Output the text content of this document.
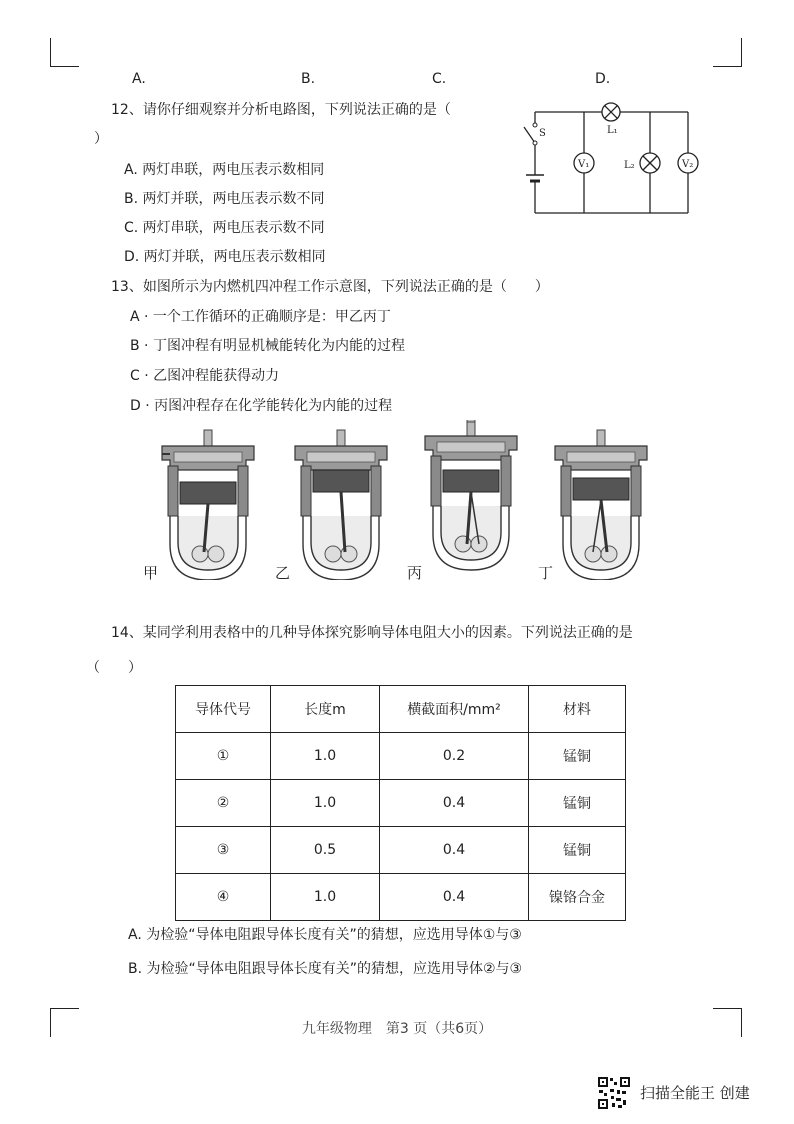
A.	B.	C.	D.
12、请你仔细观察并分析电路图，下列说法正确的是（
）
A. 两灯串联，两电压表示数相同
B. 两灯并联，两电压表示数不同
C. 两灯串联，两电压表示数不同
D. 两灯并联，两电压表示数相同
S	L₁
L₂
V₁	V₂
13、如图所示为内燃机四冲程工作示意图，下列说法正确的是（　　）
A · 一个工作循环的正确顺序是：甲乙丙丁
B · 丁图冲程有明显机械能转化为内能的过程
C · 乙图冲程能获得动力
D · 丙图冲程存在化学能转化为内能的过程
甲	乙	丙	丁
14、某同学利用表格中的几种导体探究影响导体电阻大小的因素。下列说法正确的是
（　　）
导体代号	长度m	横截面积/mm²	材料
①	1.0	0.2	锰铜
②	1.0	0.4	锰铜
③	0.5	0.4	锰铜
④	1.0	0.4	镍铬合金
A. 为检验“导体电阻跟导体长度有关”的猜想，应选用导体①与③
B. 为检验“导体电阻跟导体长度有关”的猜想，应选用导体②与③
九年级物理　第3 页（共6页）
扫描全能王 创建
